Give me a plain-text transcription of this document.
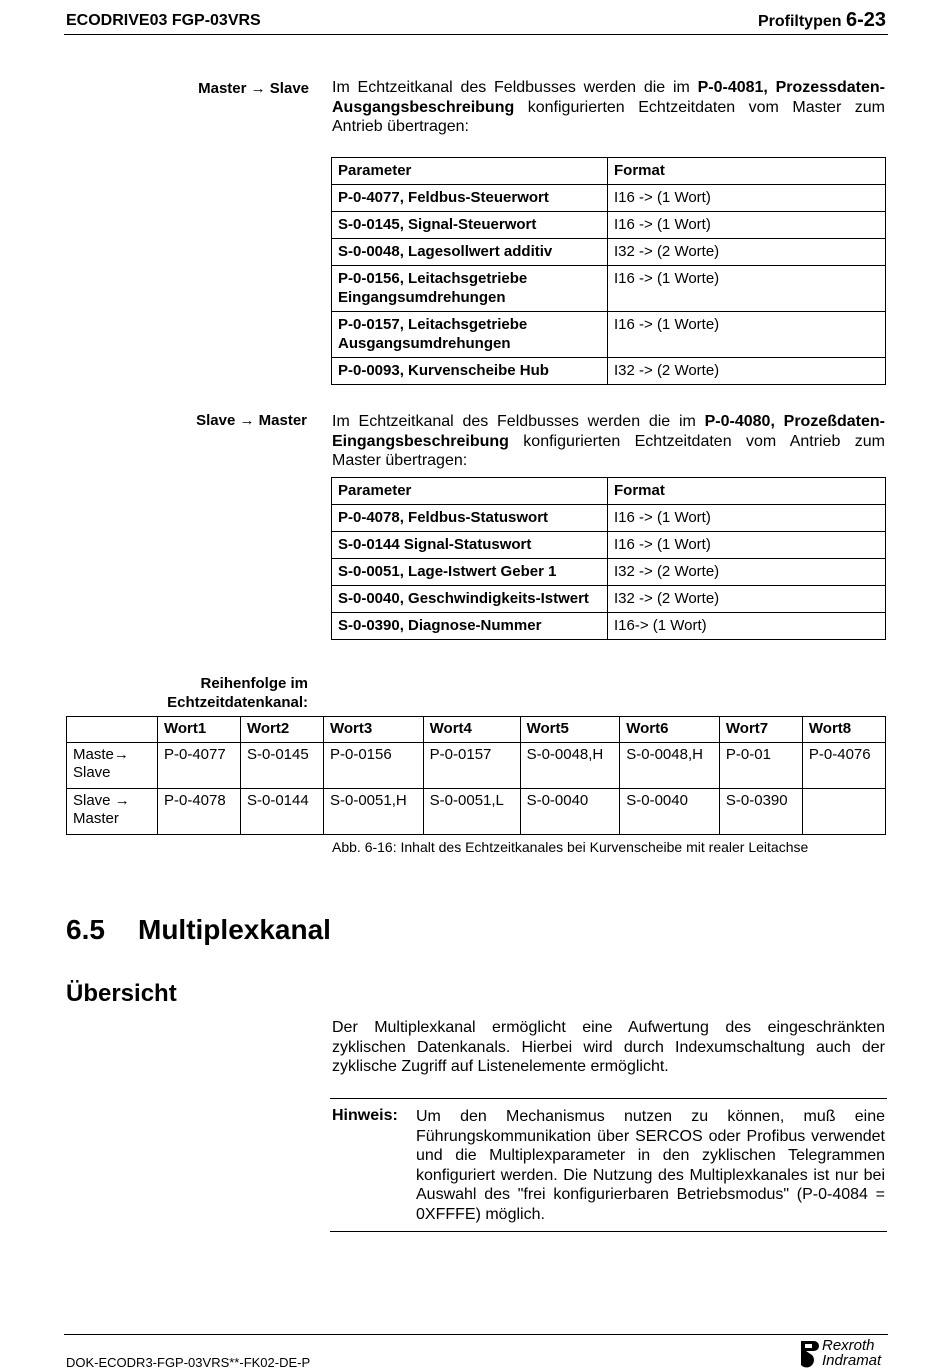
ECODRIVE03 FGP-03VRS	Profiltypen 6-23
Master → Slave Im Echtzeitkanal des Feldbusses werden die im P-0-4081, Prozessdaten-Ausgangsbeschreibung konfigurierten Echtzeitdaten vom Master zum Antrieb übertragen:
Parameter	Format
P-0-4077, Feldbus-Steuerwort	I16 -> (1 Wort)
S-0-0145, Signal-Steuerwort	I16 -> (1 Wort)
S-0-0048, Lagesollwert additiv	I32 -> (2 Worte)
P-0-0156, Leitachsgetriebe Eingangsumdrehungen	I16 -> (1 Worte)
P-0-0157, Leitachsgetriebe Ausgangsumdrehungen	I16 -> (1 Worte)
P-0-0093, Kurvenscheibe Hub	I32 -> (2 Worte)
Slave → Master Im Echtzeitkanal des Feldbusses werden die im P-0-4080, Prozeßdaten-Eingangsbeschreibung konfigurierten Echtzeitdaten vom Antrieb zum Master übertragen:
Parameter	Format
P-0-4078, Feldbus-Statuswort	I16 -> (1 Wort)
S-0-0144 Signal-Statuswort	I16 -> (1 Wort)
S-0-0051, Lage-Istwert Geber 1	I32 -> (2 Worte)
S-0-0040, Geschwindigkeits-Istwert	I32 -> (2 Worte)
S-0-0390, Diagnose-Nummer	I16-> (1 Wort)
Reihenfolge im Echtzeitdatenkanal:
	Wort1	Wort2	Wort3	Wort4	Wort5	Wort6	Wort7	Wort8
Maste→ Slave	P-0-4077	S-0-0145	P-0-0156	P-0-0157	S-0-0048,H	S-0-0048,H	P-0-01	P-0-4076
Slave → Master	P-0-4078	S-0-0144	S-0-0051,H	S-0-0051,L	S-0-0040	S-0-0040	S-0-0390	
Abb. 6-16: Inhalt des Echtzeitkanales bei Kurvenscheibe mit realer Leitachse
6.5 Multiplexkanal
Übersicht
Der Multiplexkanal ermöglicht eine Aufwertung des eingeschränkten zyklischen Datenkanals. Hierbei wird durch Indexumschaltung auch der zyklische Zugriff auf Listenelemente ermöglicht.
Hinweis: Um den Mechanismus nutzen zu können, muß eine Führungskommunikation über SERCOS oder Profibus verwendet und die Multiplexparameter in den zyklischen Telegrammen konfiguriert werden. Die Nutzung des Multiplexkanales ist nur bei Auswahl des "frei konfigurierbaren Betriebsmodus" (P-0-4084 = 0XFFFE) möglich.
DOK-ECODR3-FGP-03VRS**-FK02-DE-P
Rexroth
Indramat
